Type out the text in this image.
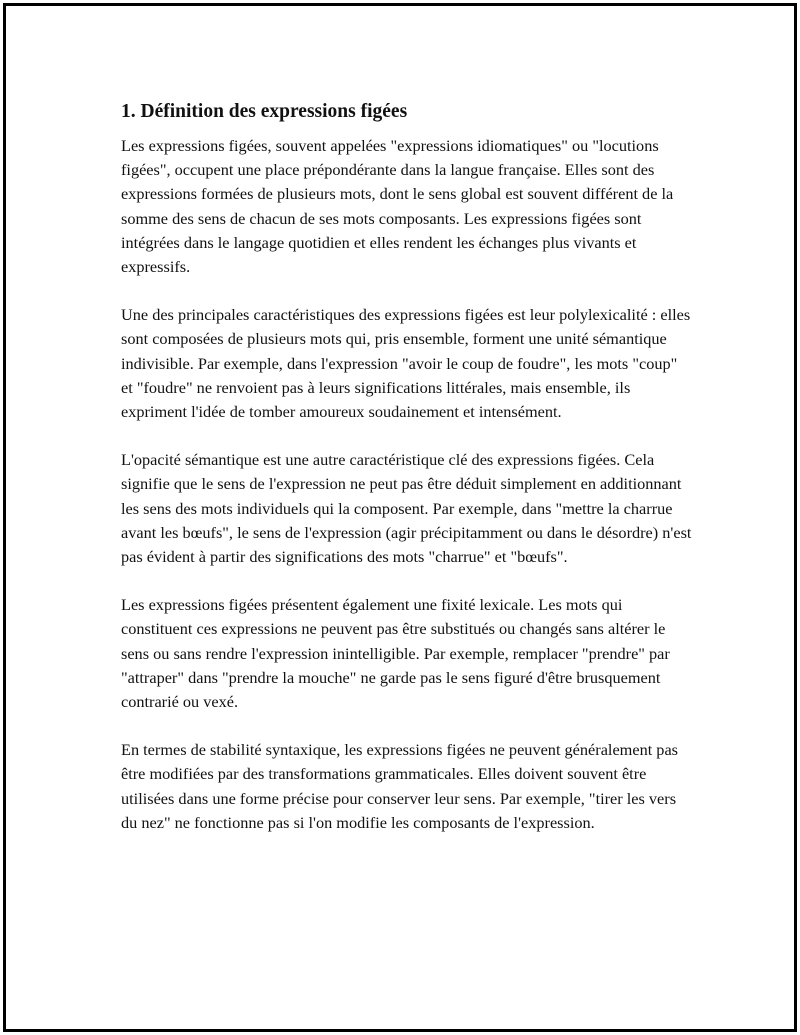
1. Définition des expressions figées

Les expressions figées, souvent appelées "expressions idiomatiques" ou "locutions figées", occupent une place prépondérante dans la langue française. Elles sont des expressions formées de plusieurs mots, dont le sens global est souvent différent de la somme des sens de chacun de ses mots composants. Les expressions figées sont intégrées dans le langage quotidien et elles rendent les échanges plus vivants et expressifs.

Une des principales caractéristiques des expressions figées est leur polylexicalité : elles sont composées de plusieurs mots qui, pris ensemble, forment une unité sémantique indivisible. Par exemple, dans l'expression "avoir le coup de foudre", les mots "coup" et "foudre" ne renvoient pas à leurs significations littérales, mais ensemble, ils expriment l'idée de tomber amoureux soudainement et intensément.

L'opacité sémantique est une autre caractéristique clé des expressions figées. Cela signifie que le sens de l'expression ne peut pas être déduit simplement en additionnant les sens des mots individuels qui la composent. Par exemple, dans "mettre la charrue avant les bœufs", le sens de l'expression (agir précipitamment ou dans le désordre) n'est pas évident à partir des significations des mots "charrue" et "bœufs".

Les expressions figées présentent également une fixité lexicale. Les mots qui constituent ces expressions ne peuvent pas être substitués ou changés sans altérer le sens ou sans rendre l'expression inintelligible. Par exemple, remplacer "prendre" par "attraper" dans "prendre la mouche" ne garde pas le sens figuré d'être brusquement contrarié ou vexé.

En termes de stabilité syntaxique, les expressions figées ne peuvent généralement pas être modifiées par des transformations grammaticales. Elles doivent souvent être utilisées dans une forme précise pour conserver leur sens. Par exemple, "tirer les vers du nez" ne fonctionne pas si l'on modifie les composants de l'expression.
